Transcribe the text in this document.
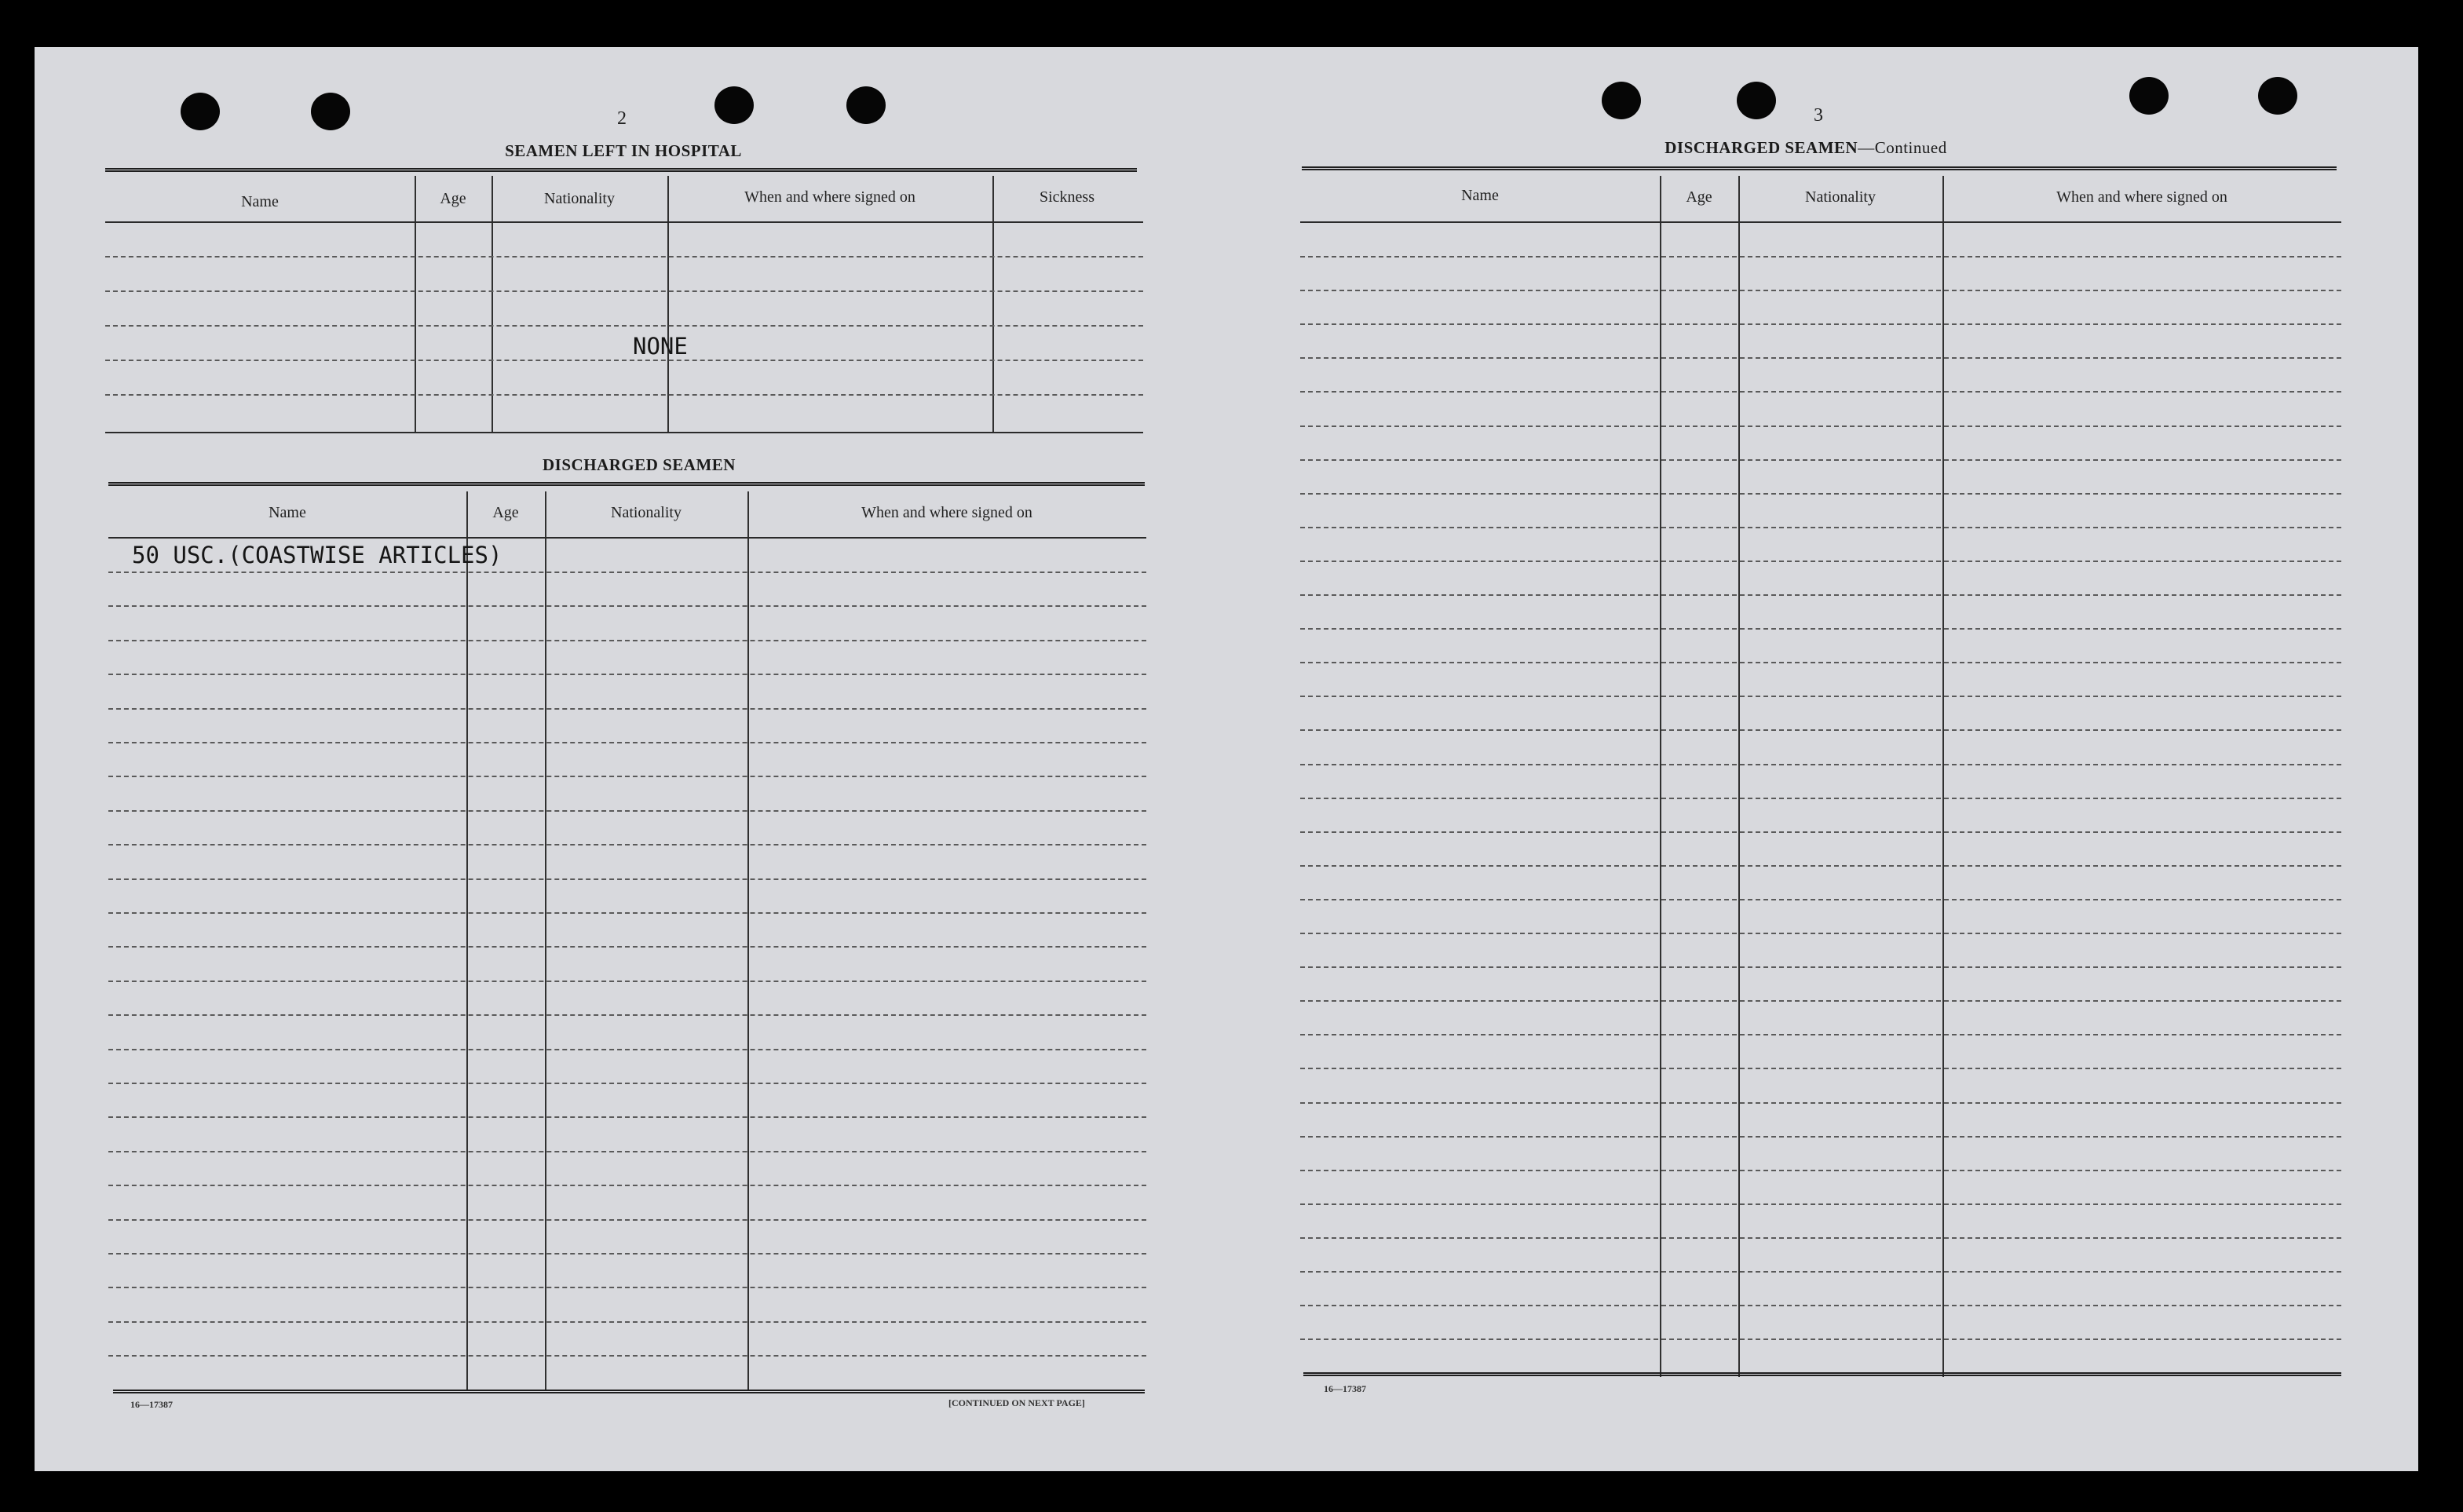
2
SEAMEN LEFT IN HOSPITAL
Name	Age	Nationality	When and where signed on	Sickness
NONE
DISCHARGED SEAMEN
Name	Age	Nationality	When and where signed on
50 USC.(COASTWISE ARTICLES)
16—17387	[CONTINUED ON NEXT PAGE]
3
DISCHARGED SEAMEN—Continued
Name	Age	Nationality	When and where signed on
16—17387
